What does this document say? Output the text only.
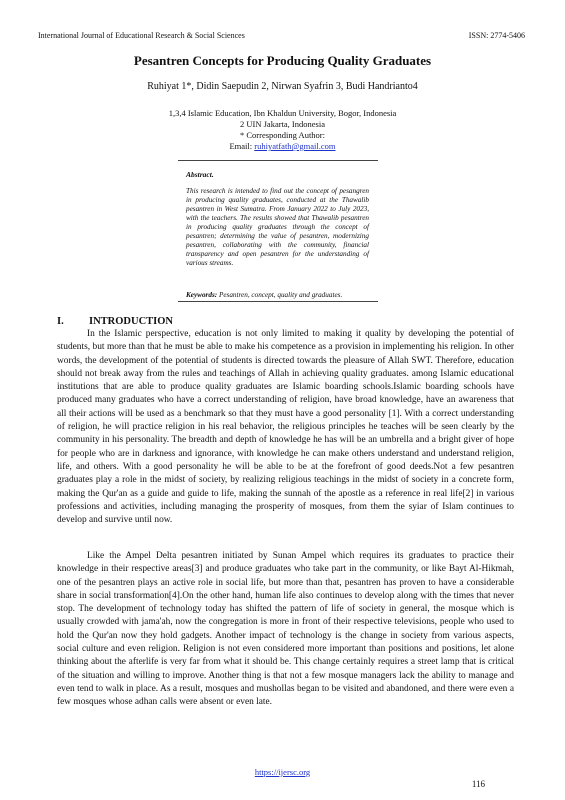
International Journal of Educational Research & Social Sciences	ISSN: 2774-5406
Pesantren Concepts for Producing Quality Graduates
Ruhiyat 1*, Didin Saepudin 2, Nirwan Syafrin 3, Budi Handrianto4
1,3,4 Islamic Education, Ibn Khaldun University, Bogor, Indonesia
2 UIN Jakarta, Indonesia
* Corresponding Author:
Email: ruhiyatfath@gmail.com
Abstract.
This research is intended to find out the concept of pesangren in producing quality graduates, conducted at the Thawalib pesantren in West Sumatra. From January 2022 to July 2023, with the teachers. The results showed that Thawalib pesantren in producing quality graduates through the concept of pesantren; determining the value of pesantren, modernizing pesantren, collaborating with the community, financial transparency and open pesantren for the understanding of various streams.
Keywords: Pesantren, concept, quality and graduates.
I. INTRODUCTION

In the Islamic perspective, education is not only limited to making it quality by developing the potential of students, but more than that he must be able to make his competence as a provision in implementing his religion. In other words, the development of the potential of students is directed towards the pleasure of Allah SWT. Therefore, education should not break away from the rules and teachings of Allah in achieving quality graduates. among Islamic educational institutions that are able to produce quality graduates are Islamic boarding schools.Islamic boarding schools have produced many graduates who have a correct understanding of religion, have broad knowledge, have an awareness that all their actions will be used as a benchmark so that they must have a good personality [1]. With a correct understanding of religion, he will practice religion in his real behavior, the religious principles he teaches will be seen clearly by the community in his personality. The breadth and depth of knowledge he has will be an umbrella and a bright giver of hope for people who are in darkness and ignorance, with knowledge he can make others understand and understand religion, life, and others. With a good personality he will be able to be at the forefront of good deeds.Not a few pesantren graduates play a role in the midst of society, by realizing religious teachings in the midst of society in a concrete form, making the Qur'an as a guide and guide to life, making the sunnah of the apostle as a reference in real life[2] in various professions and activities, including managing the prosperity of mosques, from them the syiar of Islam continues to develop and survive until now.

Like the Ampel Delta pesantren initiated by Sunan Ampel which requires its graduates to practice their knowledge in their respective areas[3] and produce graduates who take part in the community, or like Bayt Al-Hikmah, one of the pesantren plays an active role in social life, but more than that, pesantren has proven to have a considerable share in social transformation[4].On the other hand, human life also continues to develop along with the times that never stop. The development of technology today has shifted the pattern of life of society in general, the mosque which is usually crowded with jama'ah, now the congregation is more in front of their respective televisions, people who used to hold the Qur'an now they hold gadgets. Another impact of technology is the change in society from various aspects, social culture and even religion. Religion is not even considered more important than positions and positions, let alone thinking about the afterlife is very far from what it should be. This change certainly requires a street lamp that is critical of the situation and willing to improve. Another thing is that not a few mosque managers lack the ability to manage and even tend to walk in place. As a result, mosques and mushollas began to be visited and abandoned, and there were even a few mosques whose adhan calls were absent or even late.

https://ijersc.org
116
